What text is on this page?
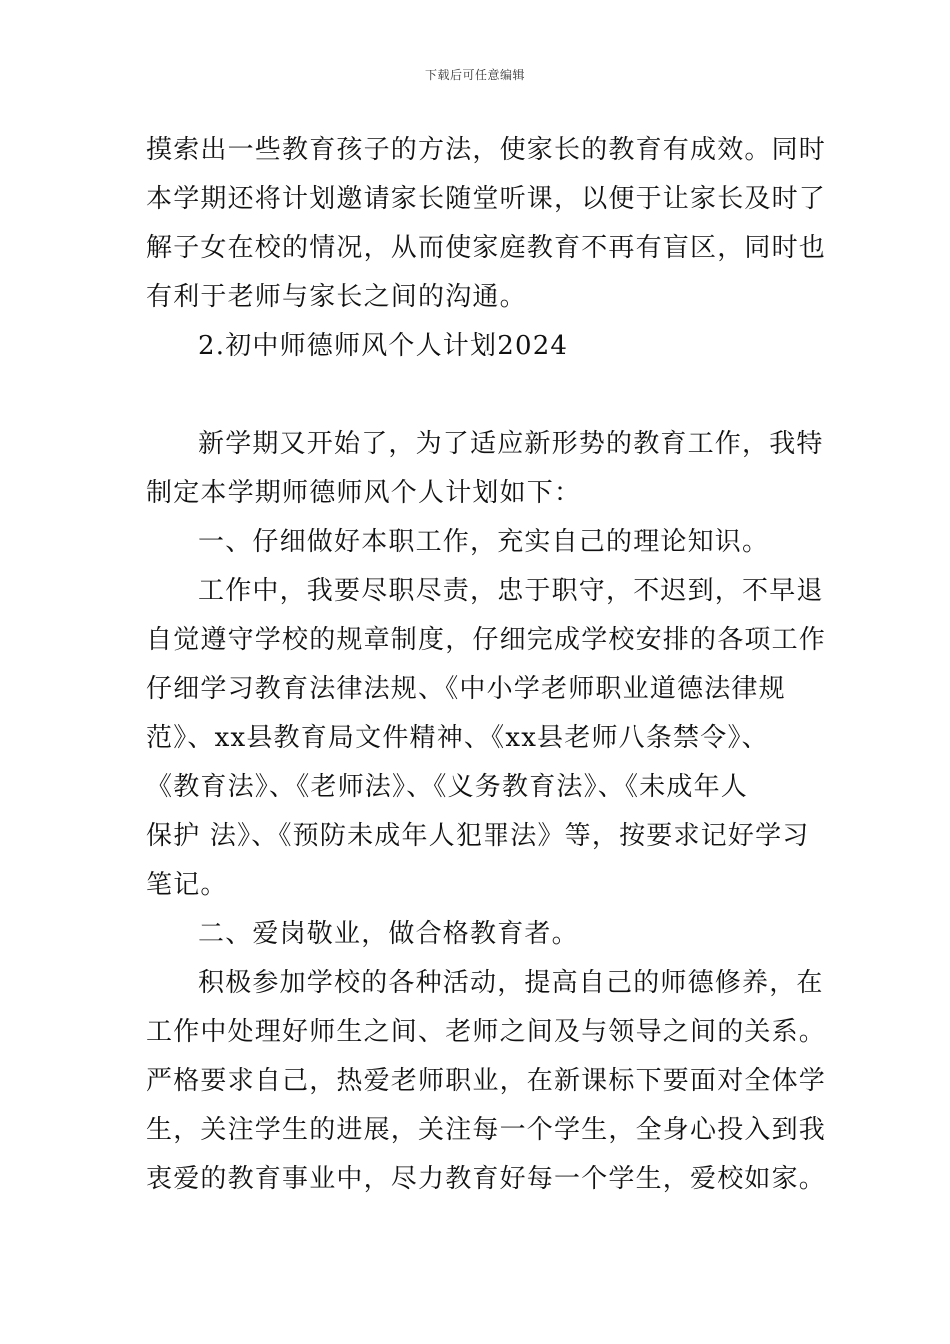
下载后可任意编辑
摸索出一些教育孩子的方法，使家长的教育有成效。同时
本学期还将计划邀请家长随堂听课，以便于让家长及时了
解子女在校的情况，从而使家庭教育不再有盲区，同时也
有利于老师与家长之间的沟通。
2.初中师德师风个人计划2024
新学期又开始了，为了适应新形势的教育工作，我特
制定本学期师德师风个人计划如下：
一、仔细做好本职工作，充实自己的理论知识。
工作中，我要尽职尽责，忠于职守，不迟到，不早退
自觉遵守学校的规章制度，仔细完成学校安排的各项工作
仔细学习教育法律法规、《中小学老师职业道德法律规
范》、xx县教育局文件精神、《xx县老师八条禁令》、
《教育法》、《老师法》、《义务教育法》、《未成年人
保护 法》、《预防未成年人犯罪法》等，按要求记好学习
笔记。
二、爱岗敬业，做合格教育者。
积极参加学校的各种活动，提高自己的师德修养，在
工作中处理好师生之间、老师之间及与领导之间的关系。
严格要求自己，热爱老师职业，在新课标下要面对全体学
生，关注学生的进展，关注每一个学生，全身心投入到我
衷爱的教育事业中，尽力教育好每一个学生，爱校如家。
